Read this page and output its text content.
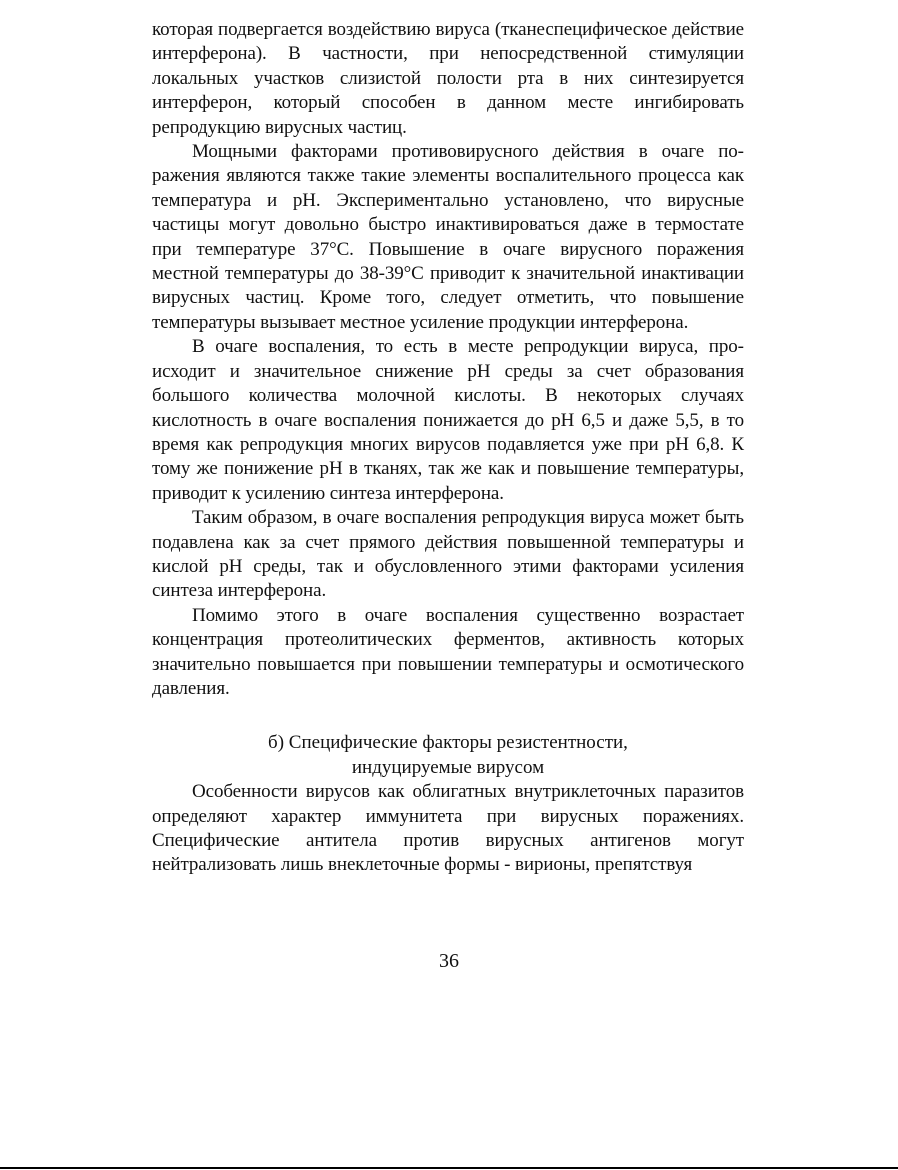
которая подвергается воздействию вируса (тканеспецифическое действие интерферона). В частности, при непосредственной стимуляции локальных участков слизистой полости рта в них синтезируется интерферон, который способен в данном месте ингибировать репродукцию вирусных частиц.

Мощными факторами противовирусного действия в очаге поражения являются также такие элементы воспалительного процесса как температура и pH. Экспериментально установлено, что вирусные частицы могут довольно быстро инактивироваться даже в термостате при температуре 37°С. Повышение в очаге вирусного поражения местной температуры до 38-39°С приводит к значительной инактивации вирусных частиц. Кроме того, следует отметить, что повышение температуры вызывает местное усиление продукции интерферона.

В очаге воспаления, то есть в месте репродукции вируса, происходит и значительное снижение pH среды за счет образования большого количества молочной кислоты. В некоторых случаях кислотность в очаге воспаления понижается до pH 6,5 и даже 5,5, в то время как репродукция многих вирусов подавляется уже при pH 6,8. К тому же понижение pH в тканях, так же как и повышение температуры, приводит к усилению синтеза интерферона.

Таким образом, в очаге воспаления репродукция вируса может быть подавлена как за счет прямого действия повышенной температуры и кислой pH среды, так и обусловленного этими факторами усиления синтеза интерферона.

Помимо этого в очаге воспаления существенно возрастает концентрация протеолитических ферментов, активность которых значительно повышается при повышении температуры и осмотического давления.

б) Специфические факторы резистентности,
индуцируемые вирусом

Особенности вирусов как облигатных внутриклеточных паразитов определяют характер иммунитета при вирусных поражениях. Специфические антитела против вирусных антигенов могут нейтрализовать лишь внеклеточные формы - вирионы, препятствуя

36
